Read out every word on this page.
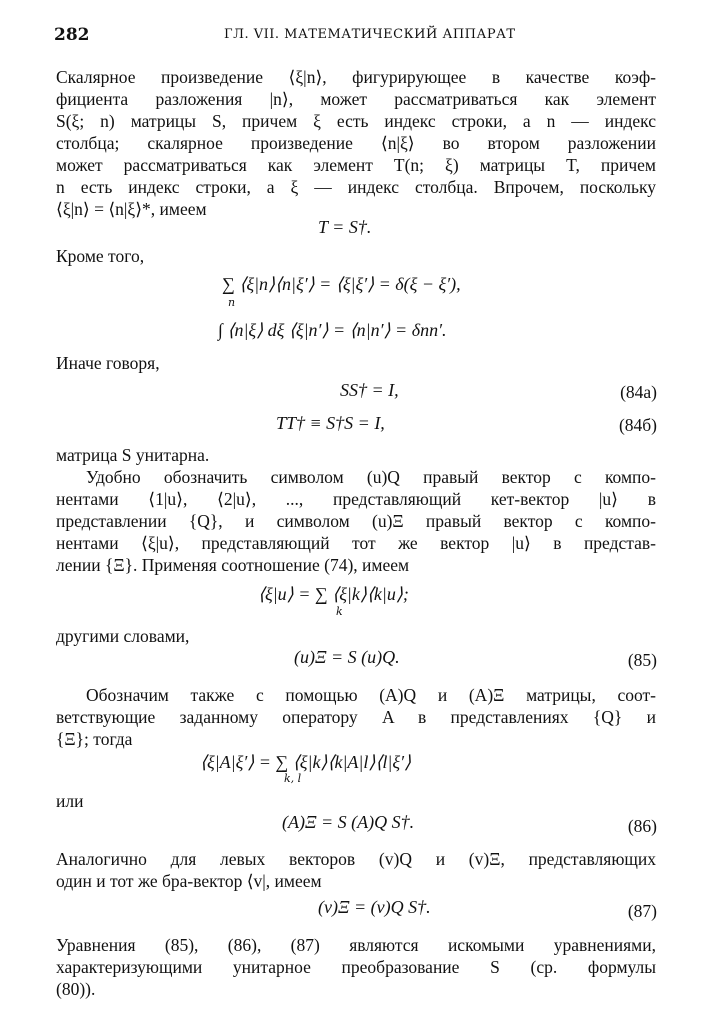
282	ГЛ. VII. МАТЕМАТИЧЕСКИЙ АППАРАТ
Скалярное произведение ⟨ξ|n⟩, фигурирующее в качестве коэф-
фициента разложения |n⟩, может рассматриваться как элемент
S(ξ; n) матрицы S, причем ξ есть индекс строки, а n — индекс
столбца; скалярное произведение ⟨n|ξ⟩ во втором разложении
может рассматриваться как элемент T(n; ξ) матрицы T, причем
n есть индекс строки, а ξ — индекс столбца. Впрочем, поскольку
⟨ξ|n⟩ = ⟨n|ξ⟩*, имеем
T = S†.
Кроме того,
∑ ⟨ξ|n⟩⟨n|ξ′⟩ = ⟨ξ|ξ′⟩ = δ(ξ − ξ′),
n
∫ ⟨n|ξ⟩ dξ ⟨ξ|n′⟩ = ⟨n|n′⟩ = δnn′.
Иначе говоря,
SS† = I,	(84а)
TT† ≡ S†S = I,	(84б)
матрица S унитарна.
Удобно обозначить символом (u)Q правый вектор с компо-
нентами ⟨1|u⟩, ⟨2|u⟩, ..., представляющий кет-вектор |u⟩ в
представлении {Q}, и символом (u)Ξ правый вектор с компо-
нентами ⟨ξ|u⟩, представляющий тот же вектор |u⟩ в представ-
лении {Ξ}. Применяя соотношение (74), имеем
⟨ξ|u⟩ = ∑ ⟨ξ|k⟩⟨k|u⟩;
k
другими словами,
(u)Ξ = S (u)Q.	(85)
Обозначим также с помощью (A)Q и (A)Ξ матрицы, соот-
ветствующие заданному оператору A в представлениях {Q} и
{Ξ}; тогда
⟨ξ|A|ξ′⟩ = ∑ ⟨ξ|k⟩⟨k|A|l⟩⟨l|ξ′⟩
k, l
или
(A)Ξ = S (A)Q S†.	(86)
Аналогично для левых векторов (v)Q и (v)Ξ, представляющих
один и тот же бра-вектор ⟨v|, имеем
(v)Ξ = (v)Q S†.	(87)
Уравнения (85), (86), (87) являются искомыми уравнениями,
характеризующими унитарное преобразование S (ср. формулы
(80)).
